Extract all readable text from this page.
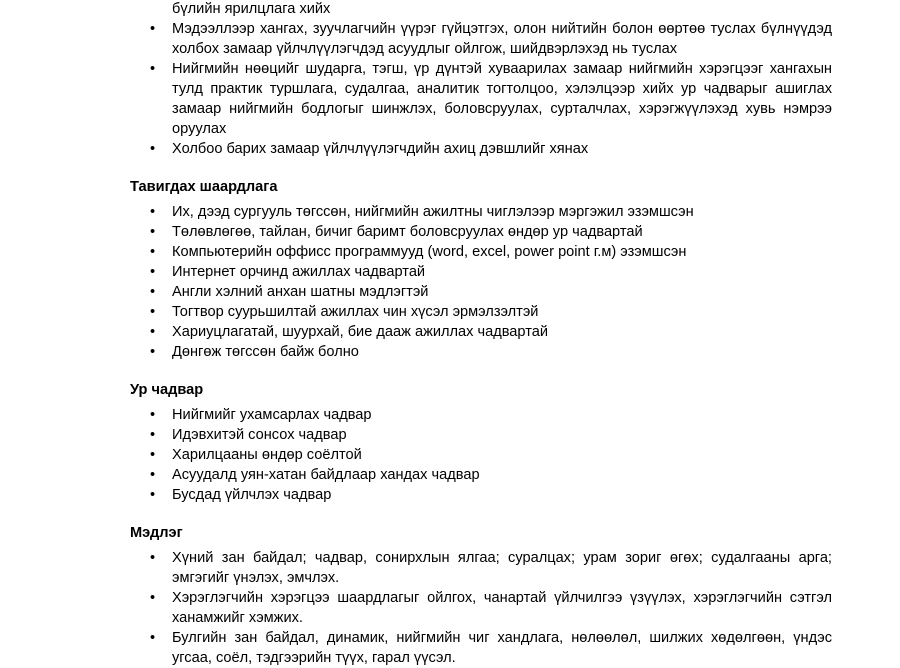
бүлийн ярилцлага хийх
• Мэдээллээр хангах, зуучлагчийн үүрэг гүйцэтгэх, олон нийтийн болон өөртөө туслах бүлнүүдэд холбох замаар үйлчлүүлэгчдэд асуудлыг ойлгож, шийдвэрлэхэд нь туслах
• Нийгмийн нөөцийг шударга, тэгш, үр дүнтэй хуваарилах замаар нийгмийн хэрэгцээг хангахын тулд практик туршлага, судалгаа, аналитик тогтолцоо, хэлэлцээр хийх ур чадварыг ашиглах замаар нийгмийн бодлогыг шинжлэх, боловсруулах, сурталчлах, хэрэгжүүлэхэд хувь нэмрээ оруулах
• Холбоо барих замаар үйлчлүүлэгчдийн ахиц дэвшлийг хянах
Тавигдах шаардлага
• Их, дээд сургууль төгссөн, нийгмийн ажилтны чиглэлээр мэргэжил эзэмшсэн
• Төлөвлөгөө, тайлан, бичиг баримт боловсруулах өндөр ур чадвартай
• Компьютерийн оффисс программууд (word, excel, power point г.м) эзэмшсэн
• Интернет орчинд ажиллах чадвартай
• Англи хэлний анхан шатны мэдлэгтэй
• Тогтвор суурьшилтай ажиллах чин хүсэл эрмэлзэлтэй
• Хариуцлагатай, шуурхай, бие дааж ажиллах чадвартай
• Дөнгөж төгссөн байж болно
Ур чадвар
• Нийгмийг ухамсарлах чадвар
• Идэвхитэй сонсох чадвар
• Харилцааны өндөр соёлтой
• Асуудалд уян-хатан байдлаар хандах чадвар
• Бусдад үйлчлэх чадвар
Мэдлэг
• Хүний зан байдал; чадвар, сонирхлын ялгаа; суралцах; урам зориг өгөх; судалгааны арга; эмгэгийг үнэлэх, эмчлэх.
• Хэрэглэгчийн хэрэгцээ шаардлагыг ойлгох, чанартай үйлчилгээ үзүүлэх, хэрэглэгчийн сэтгэл ханамжийг хэмжих.
• Булгийн зан байдал, динамик, нийгмийн чиг хандлага, нөлөөлөл, шилжих хөдөлгөөн, үндэс угсаа, соёл, тэдгээрийн түүх, гарал үүсэл.
